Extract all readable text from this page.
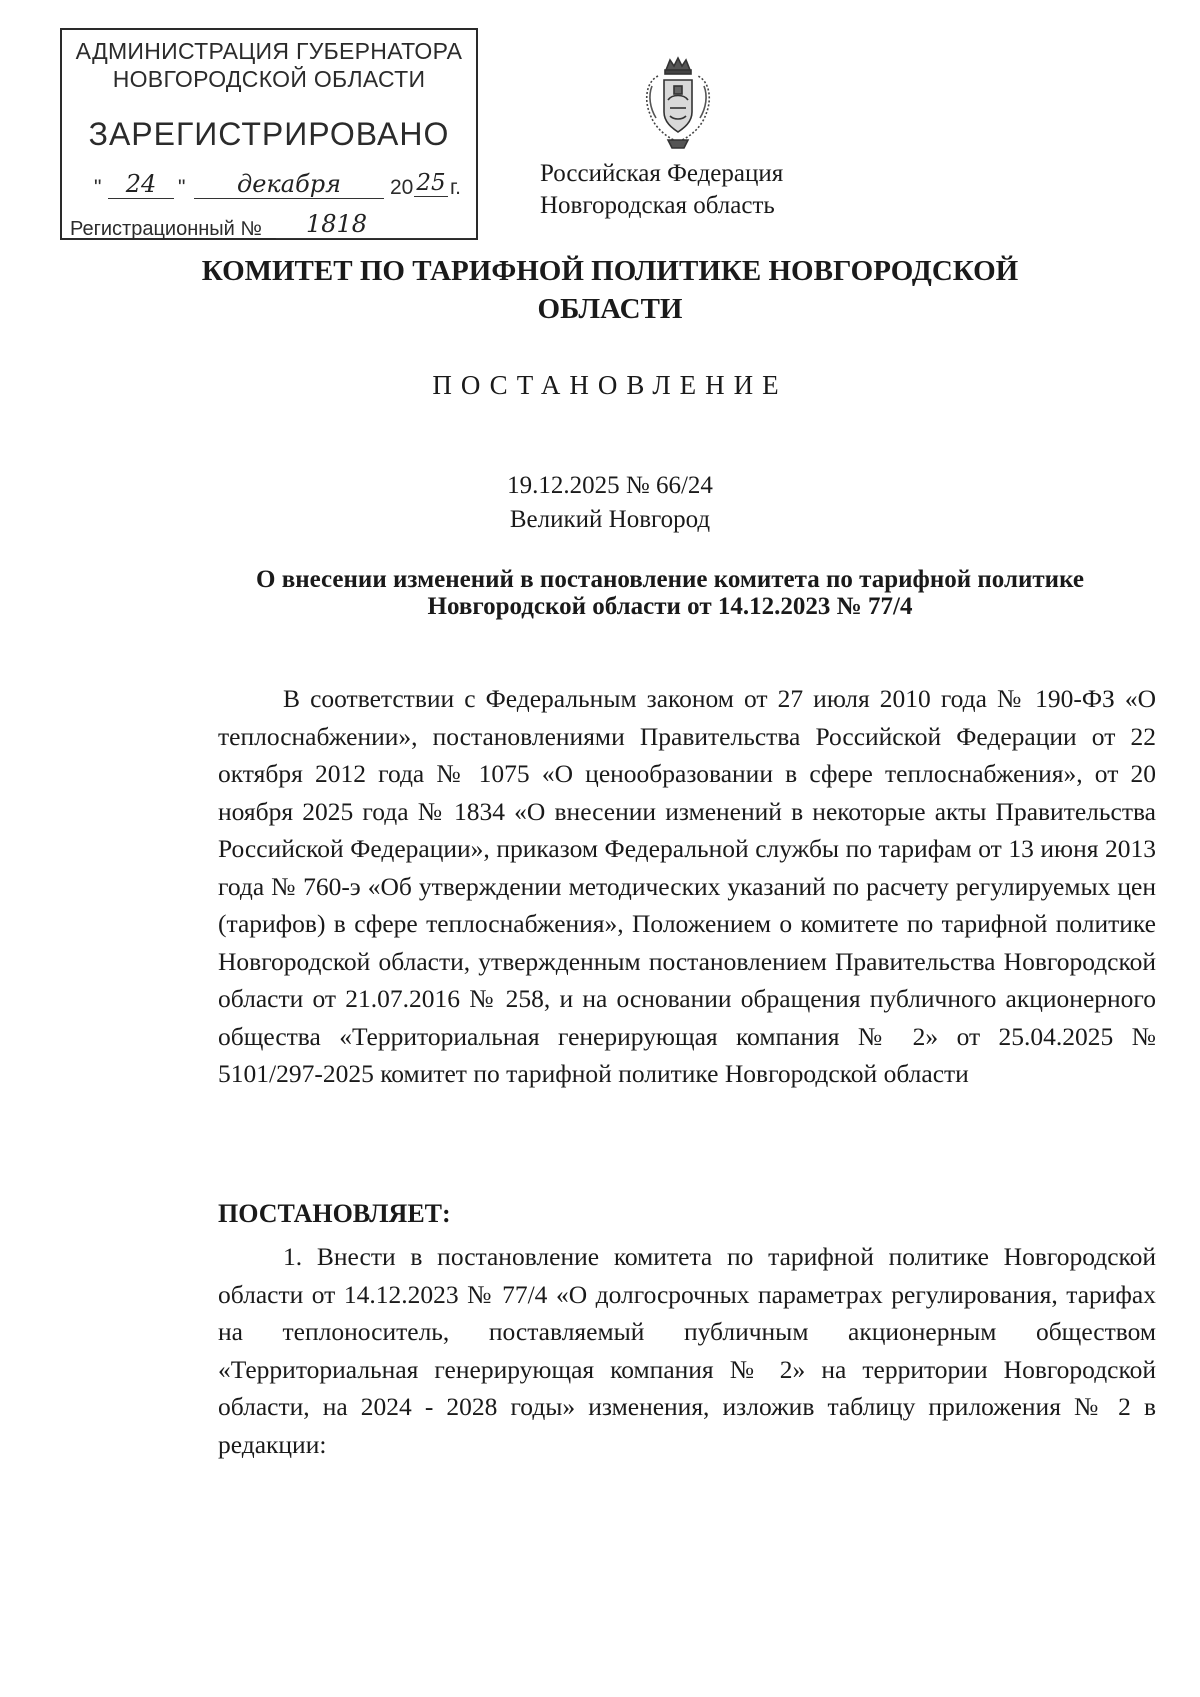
АДМИНИСТРАЦИЯ ГУБЕРНАТОРА
НОВГОРОДСКОЙ ОБЛАСТИ
ЗАРЕГИСТРИРОВАНО
"	24	"	декабря	20 25 г.
Регистрационный №	1818
Российская Федерация
Новгородская область
КОМИТЕТ ПО ТАРИФНОЙ ПОЛИТИКЕ НОВГОРОДСКОЙ ОБЛАСТИ
ПОСТАНОВЛЕНИЕ
19.12.2025 № 66/24
Великий Новгород
О внесении изменений в постановление комитета по тарифной политике Новгородской области от 14.12.2023 № 77/4

В соответствии с Федеральным законом от 27 июля 2010 года № 190-ФЗ «О теплоснабжении», постановлениями Правительства Российской Федерации от 22 октября 2012 года № 1075 «О ценообразовании в сфере теплоснабжения», от 20 ноября 2025 года № 1834 «О внесении изменений в некоторые акты Правительства Российской Федерации», приказом Федеральной службы по тарифам от 13 июня 2013 года № 760-э «Об утверждении методических указаний по расчету регулируемых цен (тарифов) в сфере теплоснабжения», Положением о комитете по тарифной политике Новгородской области, утвержденным постановлением Правительства Новгородской области от 21.07.2016 № 258, и на основании обращения публичного акционерного общества «Территориальная генерирующая компания № 2» от 25.04.2025 № 5101/297-2025 комитет по тарифной политике Новгородской области

ПОСТАНОВЛЯЕТ:

1. Внести в постановление комитета по тарифной политике Новгородской области от 14.12.2023 № 77/4 «О долгосрочных параметрах регулирования, тарифах на теплоноситель, поставляемый публичным акционерным обществом «Территориальная генерирующая компания № 2» на территории Новгородской области, на 2024 - 2028 годы» изменения, изложив таблицу приложения № 2 в редакции:
